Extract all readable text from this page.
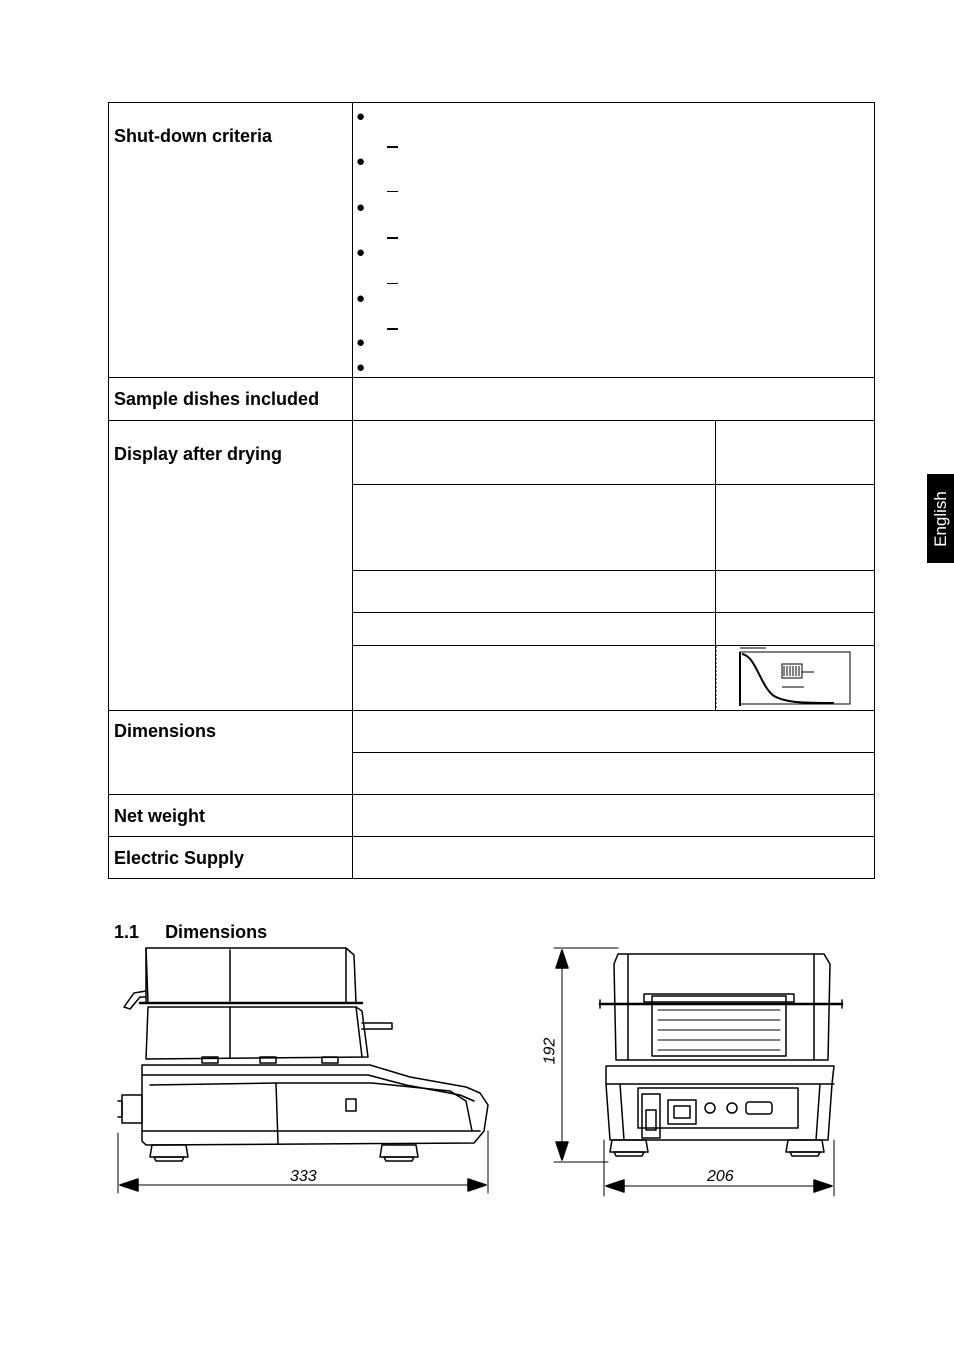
English
Shut-down criteria
Sample dishes included
Display after drying
Dimensions
Net weight
Electric Supply
●
●
●
●
●
●
●
1.1 Dimensions
333
192
206
